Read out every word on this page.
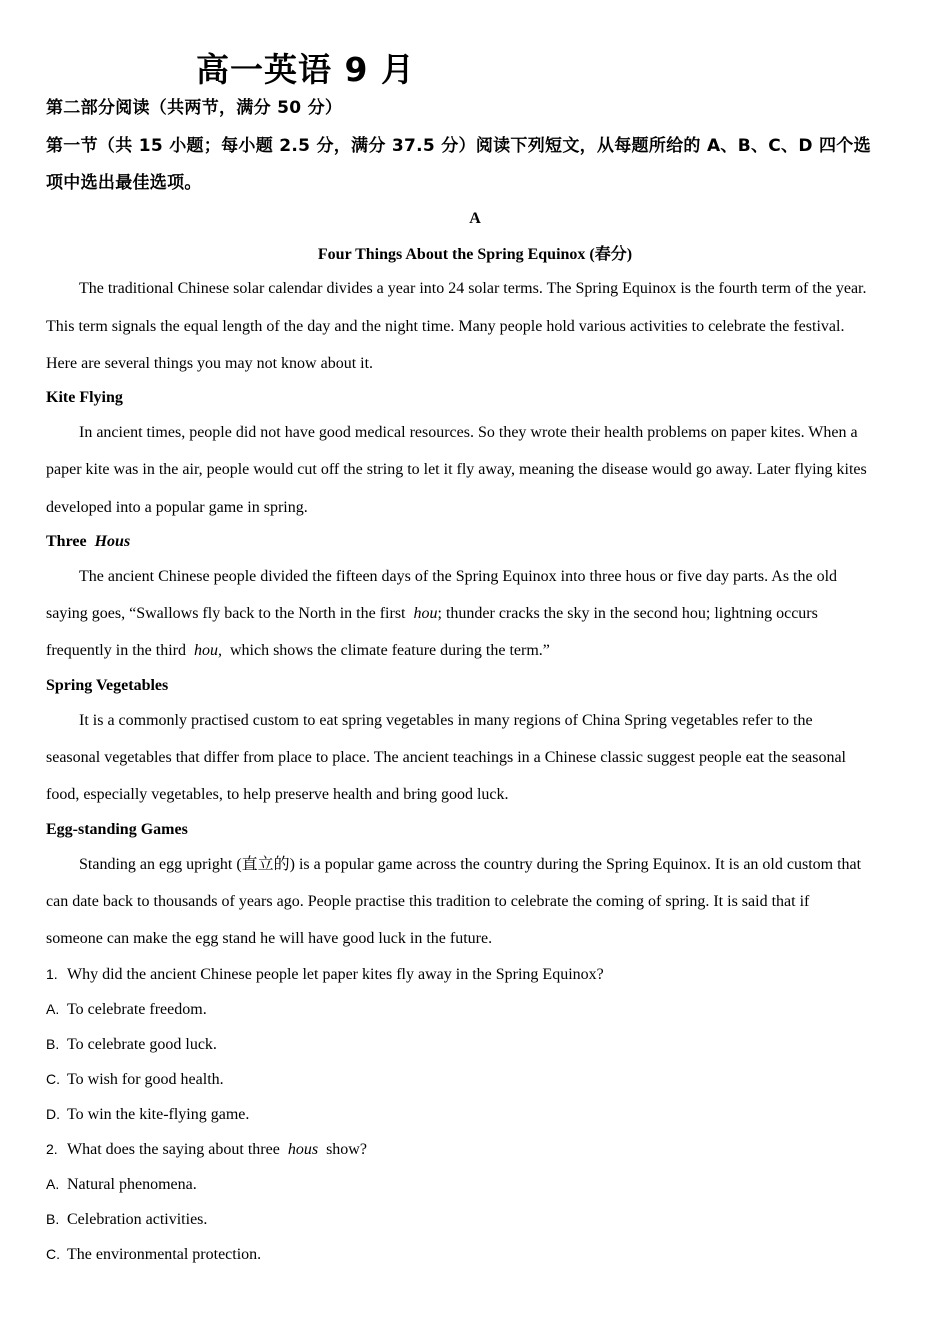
高一英语 9 月
第二部分阅读（共两节，满分 50 分）
第一节（共 15 小题；每小题 2.5 分，满分 37.5 分）阅读下列短文，从每题所给的 A、B、C、D 四个选
项中选出最佳选项。
A
Four Things About the Spring Equinox (春分)
The traditional Chinese solar calendar divides a year into 24 solar terms. The Spring Equinox is the fourth term of the year.
This term signals the equal length of the day and the night time. Many people hold various activities to celebrate the festival.
Here are several things you may not know about it.
Kite Flying
In ancient times, people did not have good medical resources. So they wrote their health problems on paper kites. When a
paper kite was in the air, people would cut off the string to let it fly away, meaning the disease would go away. Later flying kites
developed into a popular game in spring.
Three Hous
The ancient Chinese people divided the fifteen days of the Spring Equinox into three hous or five day parts. As the old
saying goes, “Swallows fly back to the North in the first hou; thunder cracks the sky in the second hou; lightning occurs
frequently in the third hou, which shows the climate feature during the term.”
Spring Vegetables
It is a commonly practised custom to eat spring vegetables in many regions of China Spring vegetables refer to the
seasonal vegetables that differ from place to place. The ancient teachings in a Chinese classic suggest people eat the seasonal
food, especially vegetables, to help preserve health and bring good luck.
Egg-standing Games
Standing an egg upright (直立的) is a popular game across the country during the Spring Equinox. It is an old custom that
can date back to thousands of years ago. People practise this tradition to celebrate the coming of spring. It is said that if
someone can make the egg stand he will have good luck in the future.
1. Why did the ancient Chinese people let paper kites fly away in the Spring Equinox?
A. To celebrate freedom.
B. To celebrate good luck.
C. To wish for good health.
D. To win the kite-flying game.
2. What does the saying about three hous show?
A. Natural phenomena.
B. Celebration activities.
C. The environmental protection.
